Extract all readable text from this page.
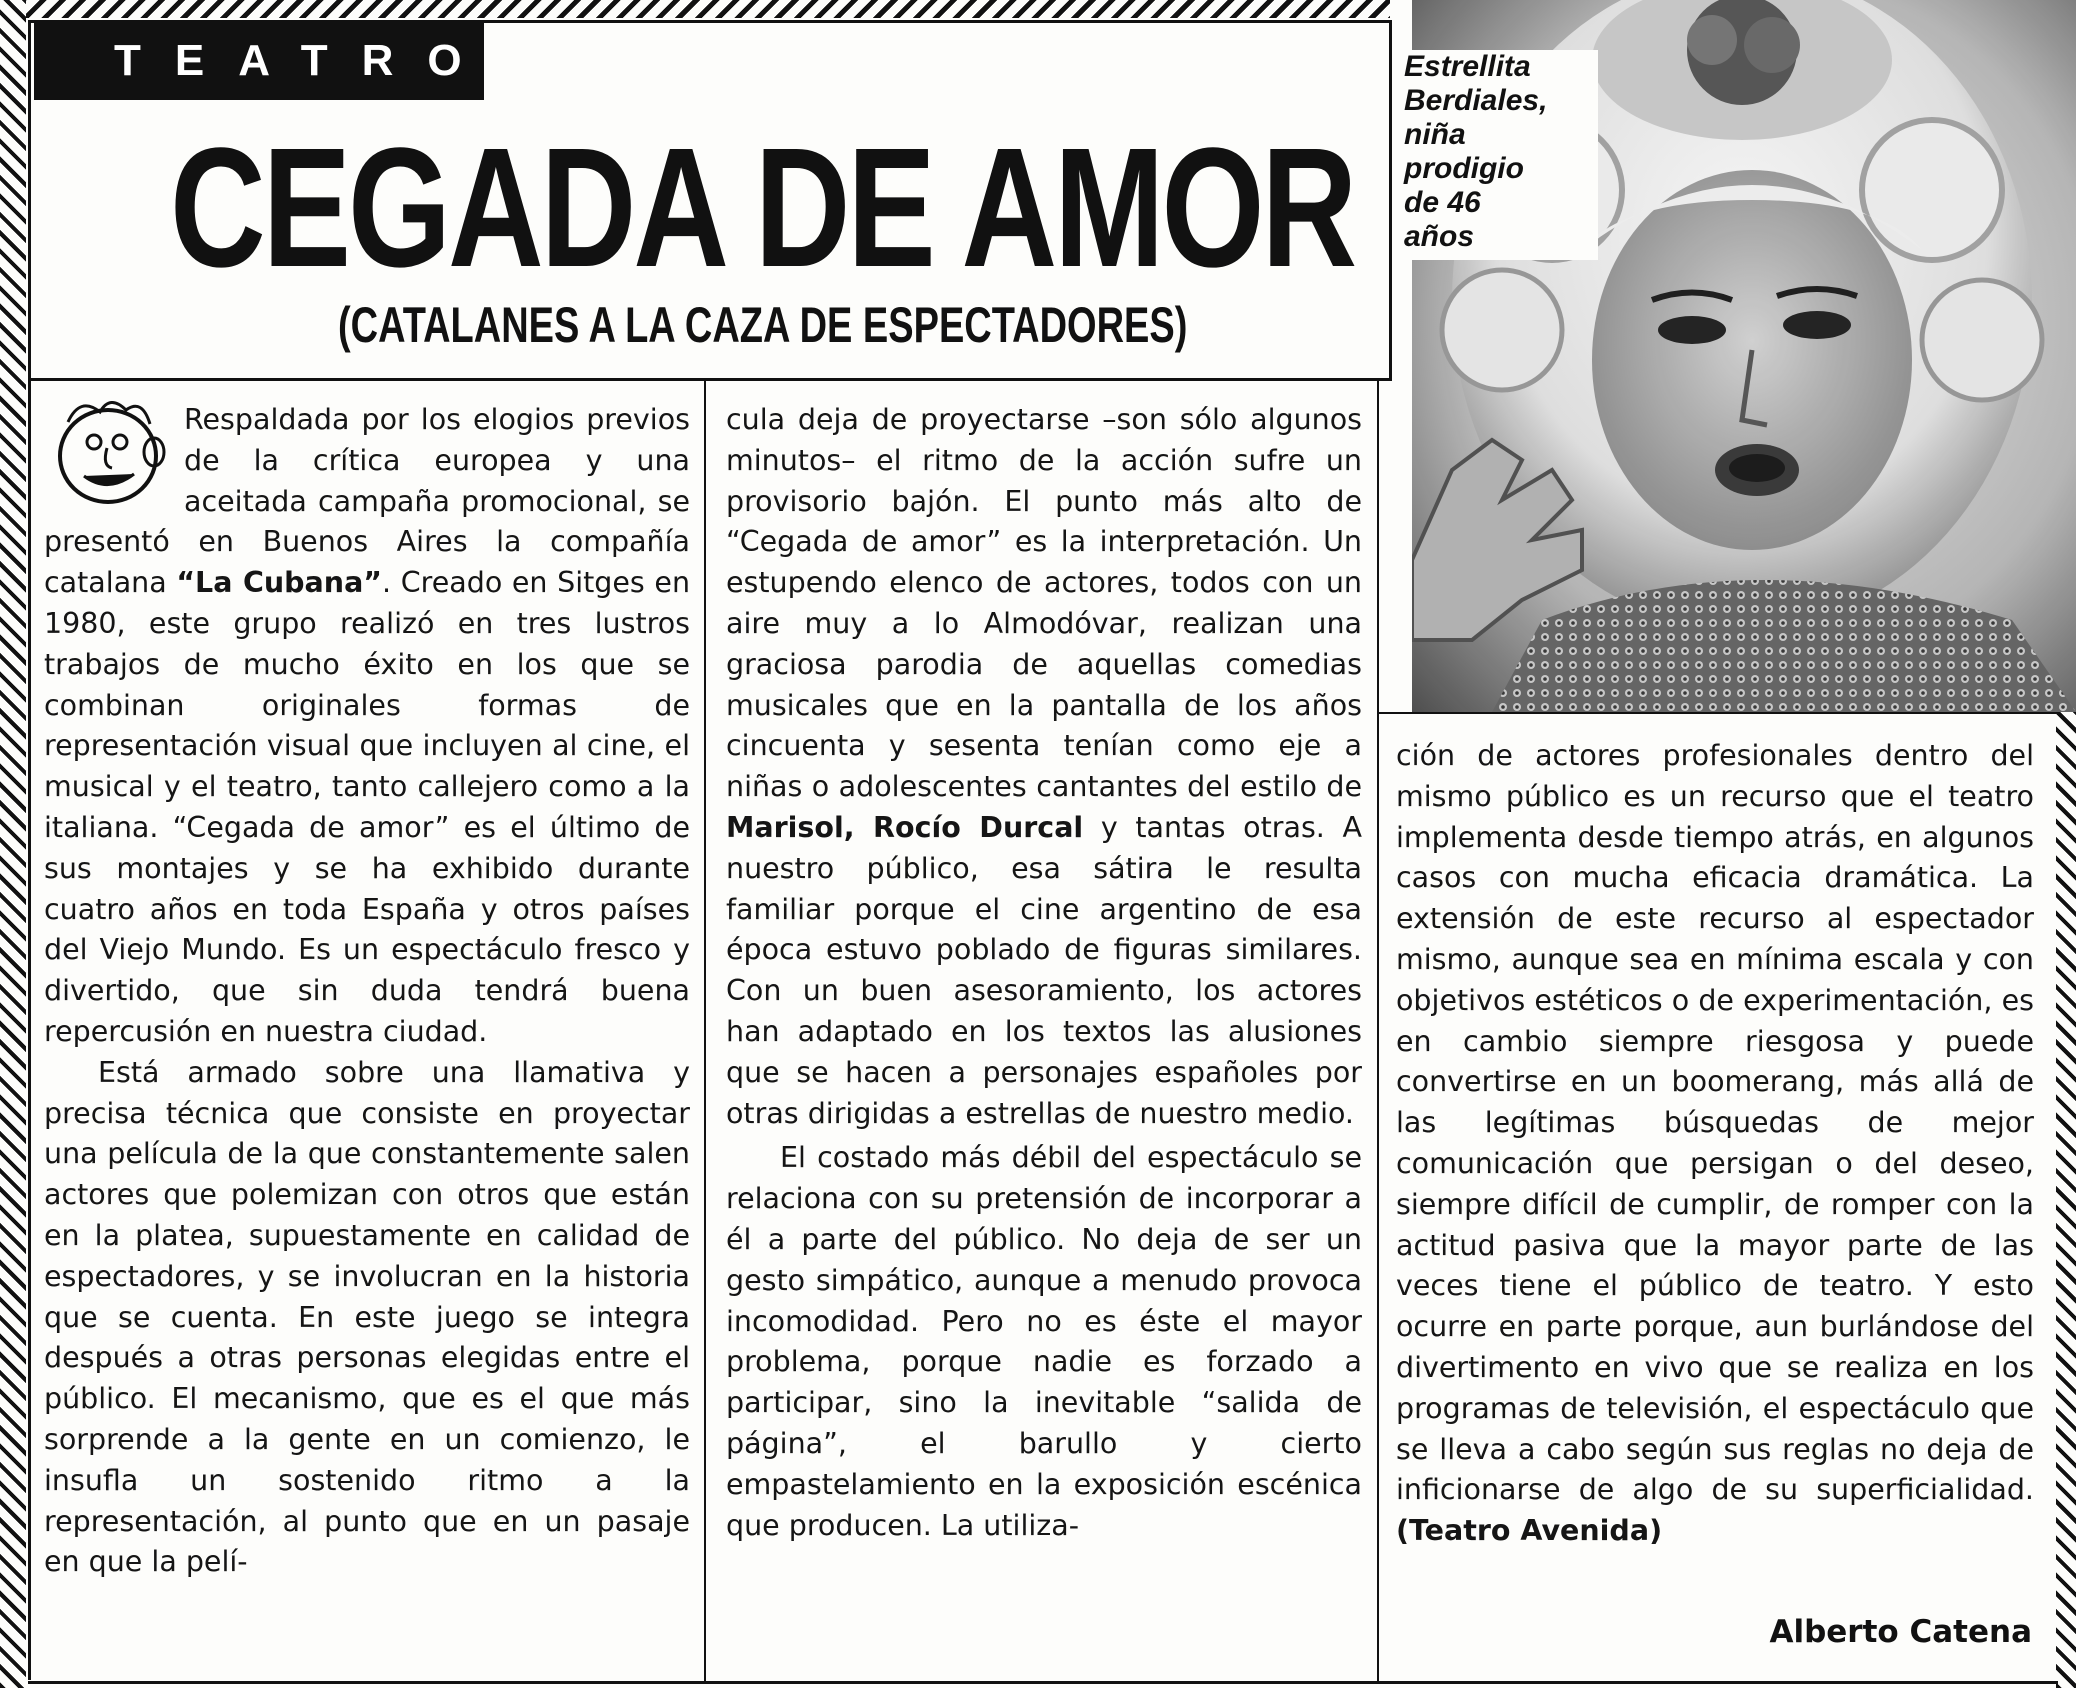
TEATRO
CEGADA DE AMOR
(CATALANES A LA CAZA DE ESPECTADORES)
Estrellita
Berdiales,
niña
prodigio
de 46
años

Respaldada por los elogios previos de la crítica europea y una aceitada campaña promocional, se presentó en Buenos Aires la compañía catalana “La Cubana”. Creado en Sitges en 1980, este grupo realizó en tres lustros trabajos de mucho éxito en los que se combinan originales formas de representación visual que incluyen al cine, el musical y el teatro, tanto callejero como a la italiana. “Cegada de amor” es el último de sus montajes y se ha exhibido durante cuatro años en toda España y otros países del Viejo Mundo. Es un espectáculo fresco y divertido, que sin duda tendrá buena repercusión en nuestra ciudad.

Está armado sobre una llamativa y precisa técnica que consiste en proyectar una película de la que constantemente salen actores que polemizan con otros que están en la platea, supuestamente en calidad de espectadores, y se involucran en la historia que se cuenta. En este juego se integra después a otras personas elegidas entre el público. El mecanismo, que es el que más sorprende a la gente en un comienzo, le insufla un sostenido ritmo a la representación, al punto que en un pasaje en que la pelí-

cula deja de proyectarse –son sólo algunos minutos– el ritmo de la acción sufre un provisorio bajón. El punto más alto de “Cegada de amor” es la interpretación. Un estupendo elenco de actores, todos con un aire muy a lo Almodóvar, realizan una graciosa parodia de aquellas comedias musicales que en la pantalla de los años cincuenta y sesenta tenían como eje a niñas o adolescentes cantantes del estilo de Marisol, Rocío Durcal y tantas otras. A nuestro público, esa sátira le resulta familiar porque el cine argentino de esa época estuvo poblado de figuras similares. Con un buen asesoramiento, los actores han adaptado en los textos las alusiones que se hacen a personajes españoles por otras dirigidas a estrellas de nuestro medio.

El costado más débil del espectáculo se relaciona con su pretensión de incorporar a él a parte del público. No deja de ser un gesto simpático, aunque a menudo provoca incomodidad. Pero no es éste el mayor problema, porque nadie es forzado a participar, sino la inevitable “salida de página”, el barullo y cierto empastelamiento en la exposición escénica que producen. La utiliza-

ción de actores profesionales dentro del mismo público es un recurso que el teatro implementa desde tiempo atrás, en algunos casos con mucha eficacia dramática. La extensión de este recurso al espectador mismo, aunque sea en mínima escala y con objetivos estéticos o de experimentación, es en cambio siempre riesgosa y puede convertirse en un boomerang, más allá de las legítimas búsquedas de mejor comunicación que persigan o del deseo, siempre difícil de cumplir, de romper con la actitud pasiva que la mayor parte de las veces tiene el público de teatro. Y esto ocurre en parte porque, aun burlándose del divertimento en vivo que se realiza en los programas de televisión, el espectáculo que se lleva a cabo según sus reglas no deja de inficionarse de algo de su superficialidad. (Teatro Avenida)

Alberto Catena
